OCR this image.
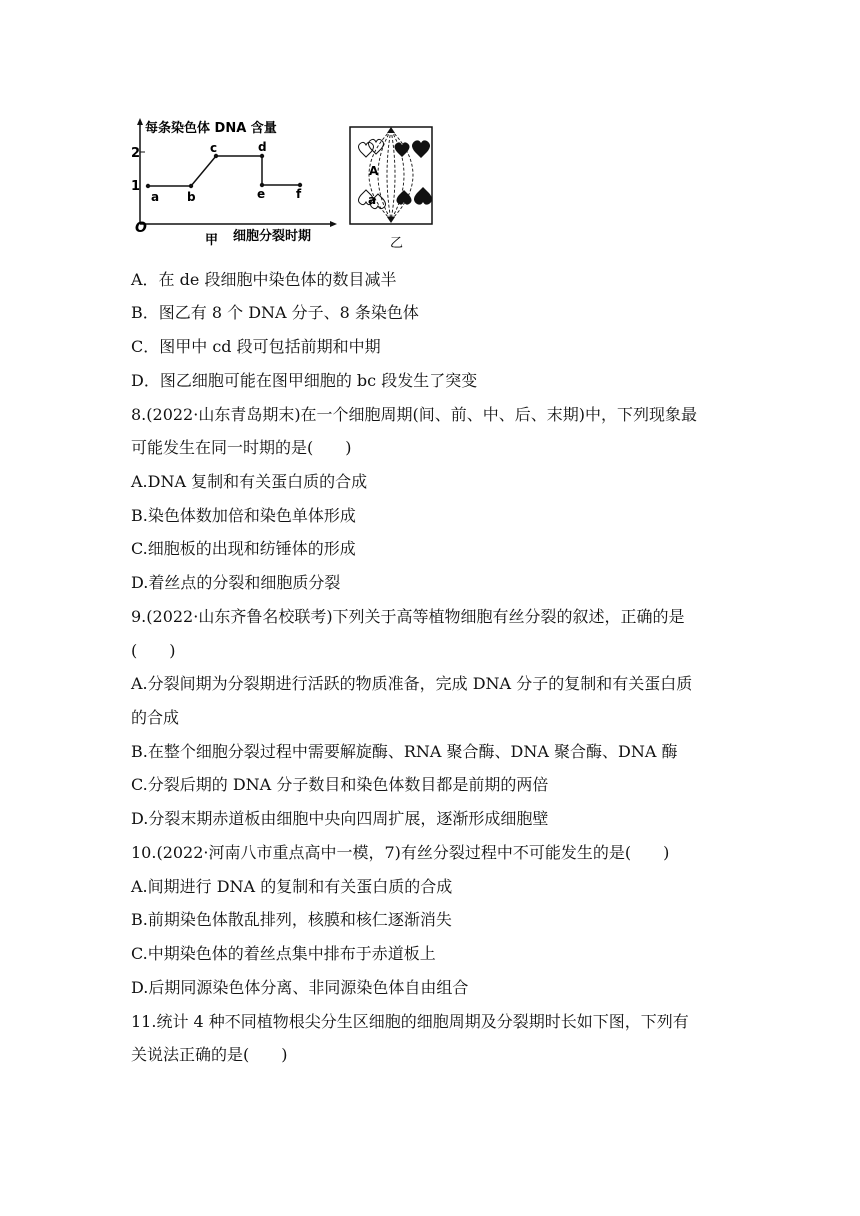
每条染色体 DNA 含量
2
1
O
a b
c	d
e	f
甲 细胞分裂时期
A
a
乙
A．在 de 段细胞中染色体的数目减半
B．图乙有 8 个 DNA 分子、8 条染色体
C．图甲中 cd 段可包括前期和中期
D．图乙细胞可能在图甲细胞的 bc 段发生了突变
8.(2022·山东青岛期末)在一个细胞周期(间、前、中、后、末期)中，下列现象最
可能发生在同一时期的是(　　)
A.DNA 复制和有关蛋白质的合成
B.染色体数加倍和染色单体形成
C.细胞板的出现和纺锤体的形成
D.着丝点的分裂和细胞质分裂
9.(2022·山东齐鲁名校联考)下列关于高等植物细胞有丝分裂的叙述，正确的是
(　　)
A.分裂间期为分裂期进行活跃的物质准备，完成 DNA 分子的复制和有关蛋白质
的合成
B.在整个细胞分裂过程中需要解旋酶、RNA 聚合酶、DNA 聚合酶、DNA 酶
C.分裂后期的 DNA 分子数目和染色体数目都是前期的两倍
D.分裂末期赤道板由细胞中央向四周扩展，逐渐形成细胞壁
10.(2022·河南八市重点高中一模，7)有丝分裂过程中不可能发生的是(　　)
A.间期进行 DNA 的复制和有关蛋白质的合成
B.前期染色体散乱排列，核膜和核仁逐渐消失
C.中期染色体的着丝点集中排布于赤道板上
D.后期同源染色体分离、非同源染色体自由组合
11.统计 4 种不同植物根尖分生区细胞的细胞周期及分裂期时长如下图，下列有
关说法正确的是(　　)
